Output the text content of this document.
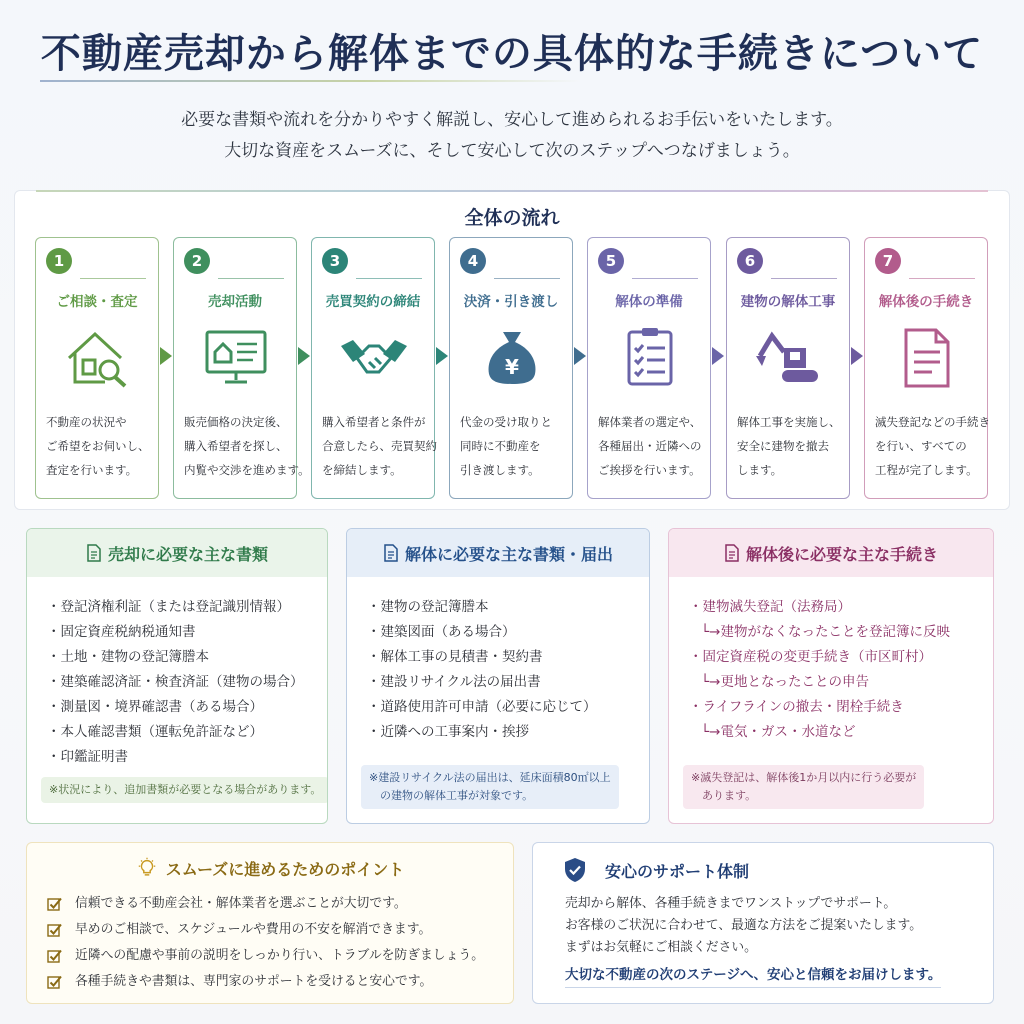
不動産売却から解体までの具体的な手続きについて
必要な書類や流れを分かりやすく解説し、安心して進められるお手伝いをいたします。
大切な資産をスムーズに、そして安心して次のステップへつなげましょう。
全体の流れ
1
ご相談・査定
不動産の状況や
ご希望をお伺いし、
査定を行います。
2
売却活動
販売価格の決定後、
購入希望者を探し、
内覧や交渉を進めます。
3
売買契約の締結
購入希望者と条件が
合意したら、売買契約
を締結します。
4
決済・引き渡し
¥
代金の受け取りと
同時に不動産を
引き渡します。
5
解体の準備
解体業者の選定や、
各種届出・近隣への
ご挨拶を行います。
6
建物の解体工事
解体工事を実施し、
安全に建物を撤去
します。
7
解体後の手続き
滅失登記などの手続き
を行い、すべての
工程が完了します。
売却に必要な主な書類
・登記済権利証（または登記識別情報）
・固定資産税納税通知書
・土地・建物の登記簿謄本
・建築確認済証・検査済証（建物の場合）
・測量図・境界確認書（ある場合）
・本人確認書類（運転免許証など）
・印鑑証明書
※状況により、追加書類が必要となる場合があります。
解体に必要な主な書類・届出
・建物の登記簿謄本
・建築図面（ある場合）
・解体工事の見積書・契約書
・建設リサイクル法の届出書
・道路使用許可申請（必要に応じて）
・近隣への工事案内・挨拶
※建設リサイクル法の届出は、延床面積80㎡以上
　の建物の解体工事が対象です。
解体後に必要な主な手続き
・建物滅失登記（法務局）
└→建物がなくなったことを登記簿に反映
・固定資産税の変更手続き（市区町村）
└→更地となったことの申告
・ライフラインの撤去・閉栓手続き
└→電気・ガス・水道など
※滅失登記は、解体後1か月以内に行う必要が
　あります。
スムーズに進めるためのポイント
信頼できる不動産会社・解体業者を選ぶことが大切です。
早めのご相談で、スケジュールや費用の不安を解消できます。
近隣への配慮や事前の説明をしっかり行い、トラブルを防ぎましょう。
各種手続きや書類は、専門家のサポートを受けると安心です。
安心のサポート体制
売却から解体、各種手続きまでワンストップでサポート。
お客様のご状況に合わせて、最適な方法をご提案いたします。
まずはお気軽にご相談ください。
大切な不動産の次のステージへ、安心と信頼をお届けします。
